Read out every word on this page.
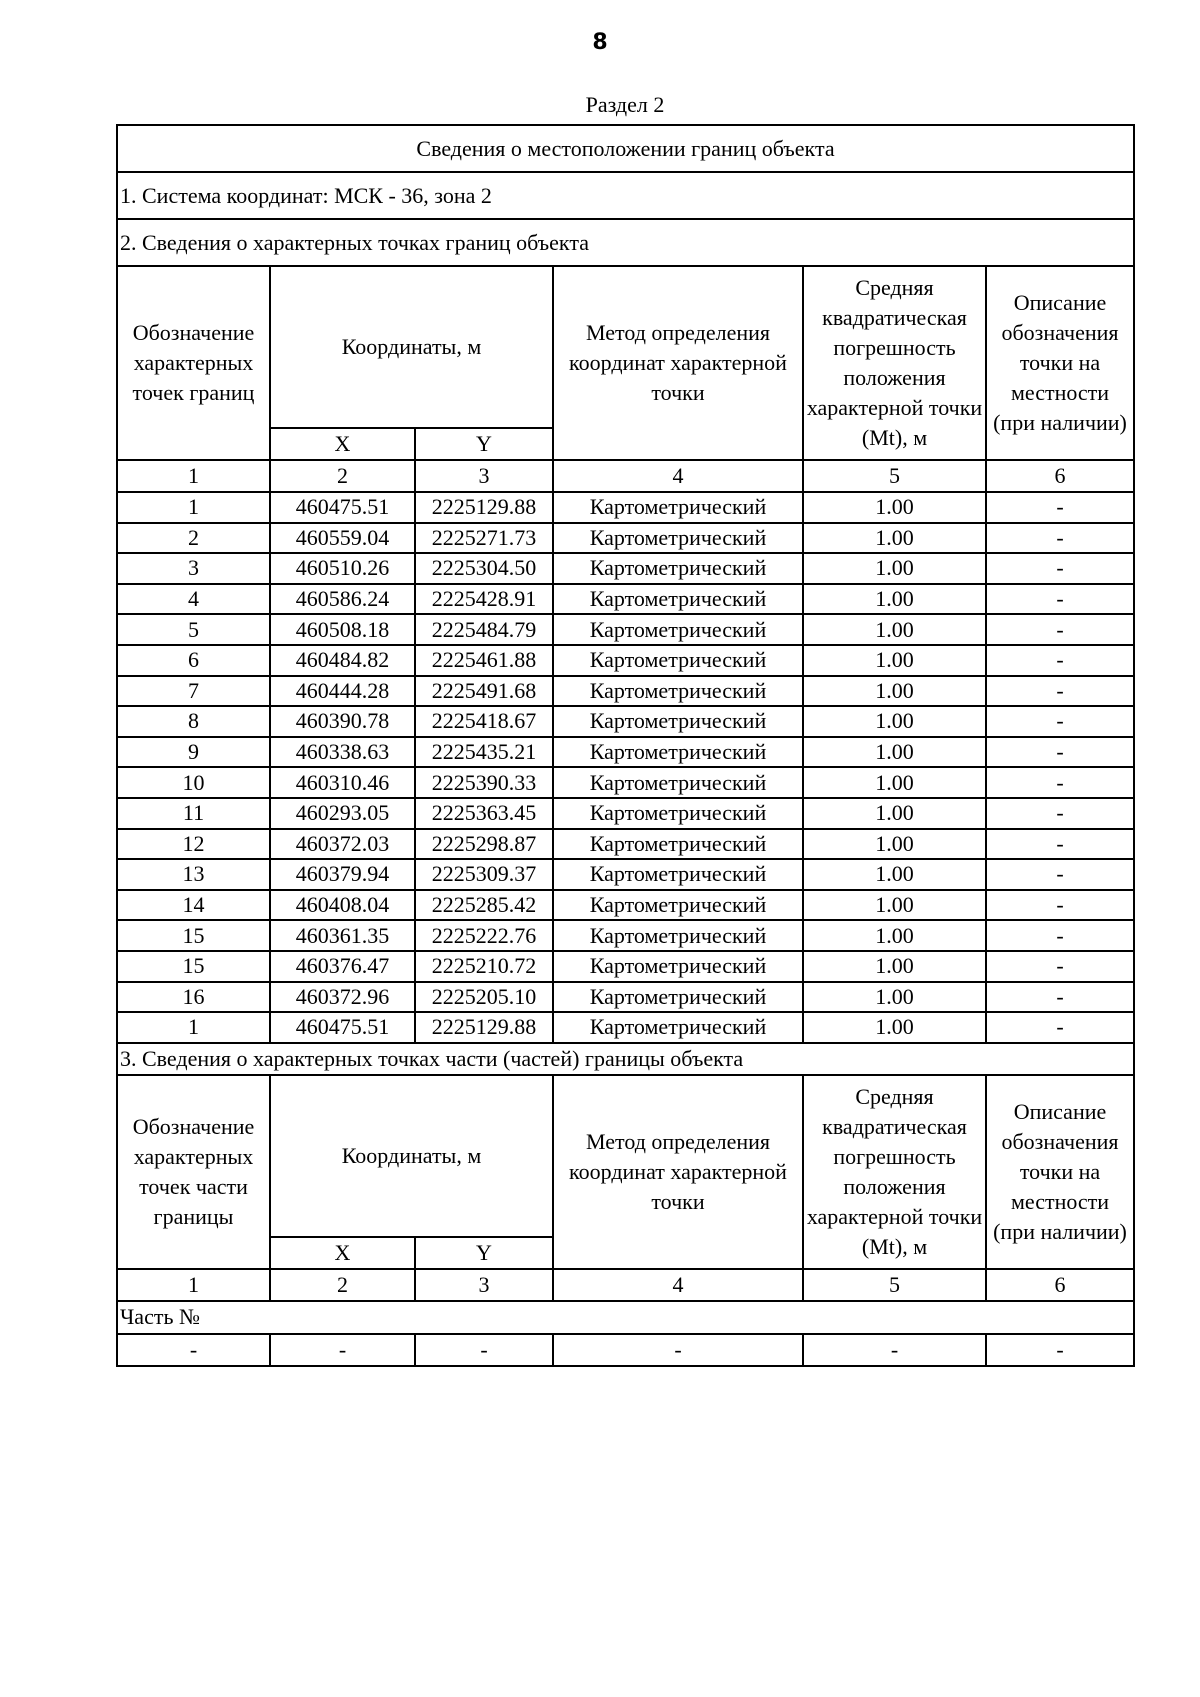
8
Раздел 2
Сведения о местоположении границ объекта					
1. Система координат: МСК - 36, зона 2					
2. Сведения о характерных точках границ объекта					
Обозначение характерных точек границ	Координаты, м		Метод определения координат характерной точки	Средняя квадратическая погрешность положения характерной точки (Mt), м	Описание обозначения точки на местности (при наличии)
	X	Y			
1	2	3	4	5	6
1	460475.51	2225129.88	Картометрический	1.00	-
2	460559.04	2225271.73	Картометрический	1.00	-
3	460510.26	2225304.50	Картометрический	1.00	-
4	460586.24	2225428.91	Картометрический	1.00	-
5	460508.18	2225484.79	Картометрический	1.00	-
6	460484.82	2225461.88	Картометрический	1.00	-
7	460444.28	2225491.68	Картометрический	1.00	-
8	460390.78	2225418.67	Картометрический	1.00	-
9	460338.63	2225435.21	Картометрический	1.00	-
10	460310.46	2225390.33	Картометрический	1.00	-
11	460293.05	2225363.45	Картометрический	1.00	-
12	460372.03	2225298.87	Картометрический	1.00	-
13	460379.94	2225309.37	Картометрический	1.00	-
14	460408.04	2225285.42	Картометрический	1.00	-
15	460361.35	2225222.76	Картометрический	1.00	-
15	460376.47	2225210.72	Картометрический	1.00	-
16	460372.96	2225205.10	Картометрический	1.00	-
1	460475.51	2225129.88	Картометрический	1.00	-
3. Сведения о характерных точках части (частей) границы объекта					
Обозначение характерных точек части границы	Координаты, м		Метод определения координат характерной точки	Средняя квадратическая погрешность положения характерной точки (Mt), м	Описание обозначения точки на местности (при наличии)
	X	Y			
1	2	3	4	5	6
Часть №					
-	-	-	-	-	-
